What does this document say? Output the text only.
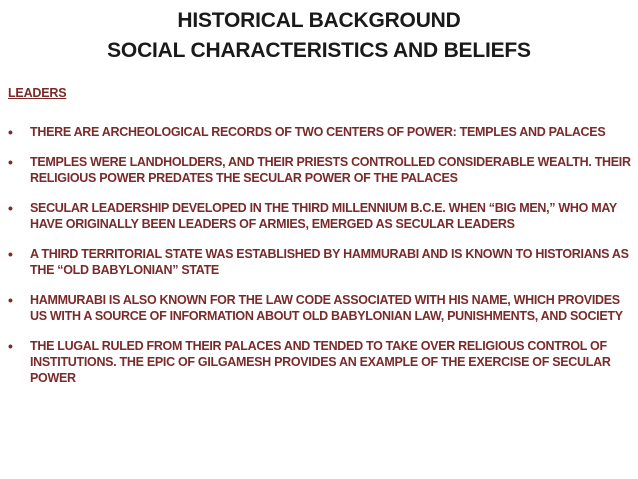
HISTORICAL BACKGROUND
SOCIAL CHARACTERISTICS AND BELIEFS
LEADERS
• THERE ARE ARCHEOLOGICAL RECORDS OF TWO CENTERS OF POWER: TEMPLES AND PALACES
• TEMPLES WERE LANDHOLDERS, AND THEIR PRIESTS CONTROLLED CONSIDERABLE WEALTH. THEIR RELIGIOUS POWER PREDATES THE SECULAR POWER OF THE PALACES
• SECULAR LEADERSHIP DEVELOPED IN THE THIRD MILLENNIUM B.C.E. WHEN “BIG MEN,” WHO MAY HAVE ORIGINALLY BEEN LEADERS OF ARMIES, EMERGED AS SECULAR LEADERS
• A THIRD TERRITORIAL STATE WAS ESTABLISHED BY HAMMURABI AND IS KNOWN TO HISTORIANS AS THE “OLD BABYLONIAN” STATE
• HAMMURABI IS ALSO KNOWN FOR THE LAW CODE ASSOCIATED WITH HIS NAME, WHICH PROVIDES US WITH A SOURCE OF INFORMATION ABOUT OLD BABYLONIAN LAW, PUNISHMENTS, AND SOCIETY
• THE LUGAL RULED FROM THEIR PALACES AND TENDED TO TAKE OVER RELIGIOUS CONTROL OF INSTITUTIONS. THE EPIC OF GILGAMESH PROVIDES AN EXAMPLE OF THE EXERCISE OF SECULAR POWER
